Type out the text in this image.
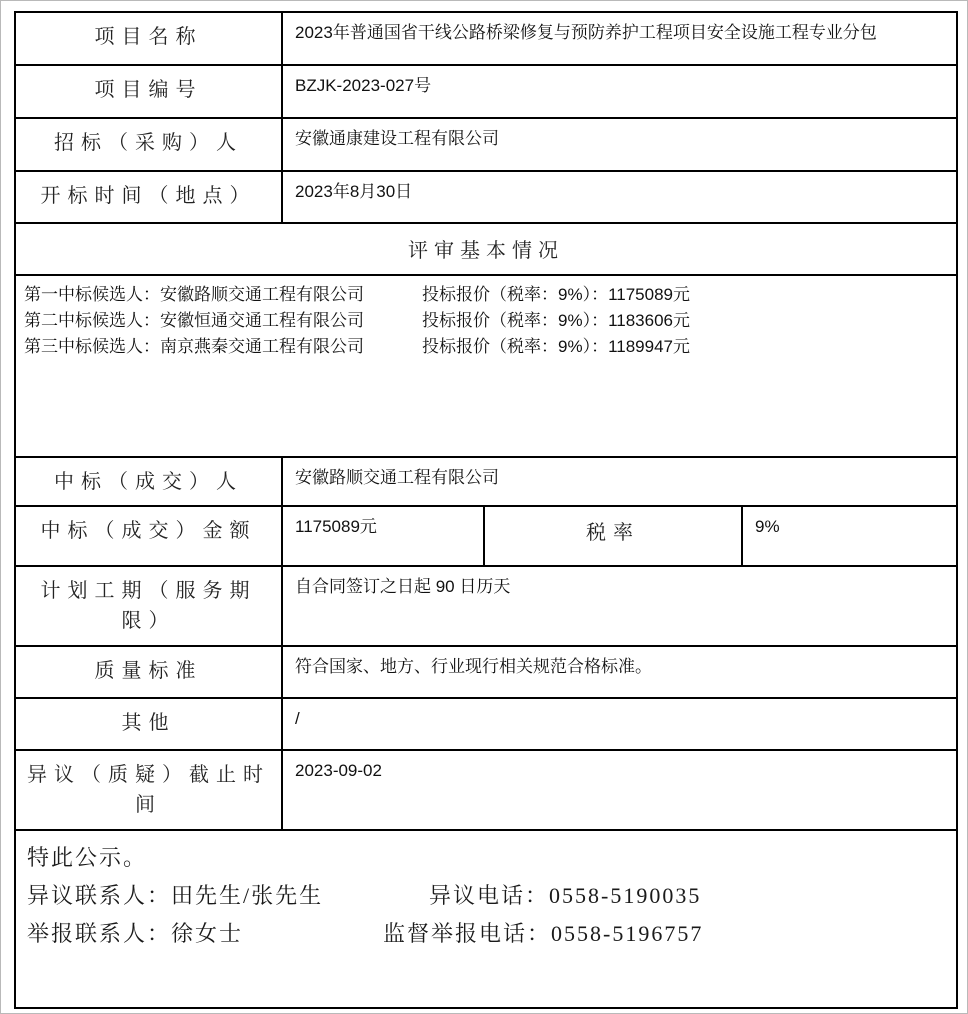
项目名称	2023年普通国省干线公路桥梁修复与预防养护工程项目安全设施工程专业分包		
项目编号	BZJK-2023-027号		
招标（采购）人	安徽通康建设工程有限公司		
开标时间（地点）	2023年8月30日		
评审基本情况			

第一中标候选人：安徽路顺交通工程有限公司 投标报价（税率：9%）：1175089元
第二中标候选人：安徽恒通交通工程有限公司 投标报价（税率：9%）：1183606元
第三中标候选人：南京燕秦交通工程有限公司 投标报价（税率：9%）：1189947元			

中标（成交）人	安徽路顺交通工程有限公司		
中标（成交）金额	1175089元	税率	9%
计划工期（服务期限）	自合同签订之日起 90 日历天		
质量标准	符合国家、地方、行业现行相关规范合格标准。		
其他	/		
异议（质疑）截止时间	2023-09-02		

特此公示。
异议联系人：田先生/张先生 异议电话：0558-5190035
举报联系人：徐女士 监督举报电话：0558-5196757			
